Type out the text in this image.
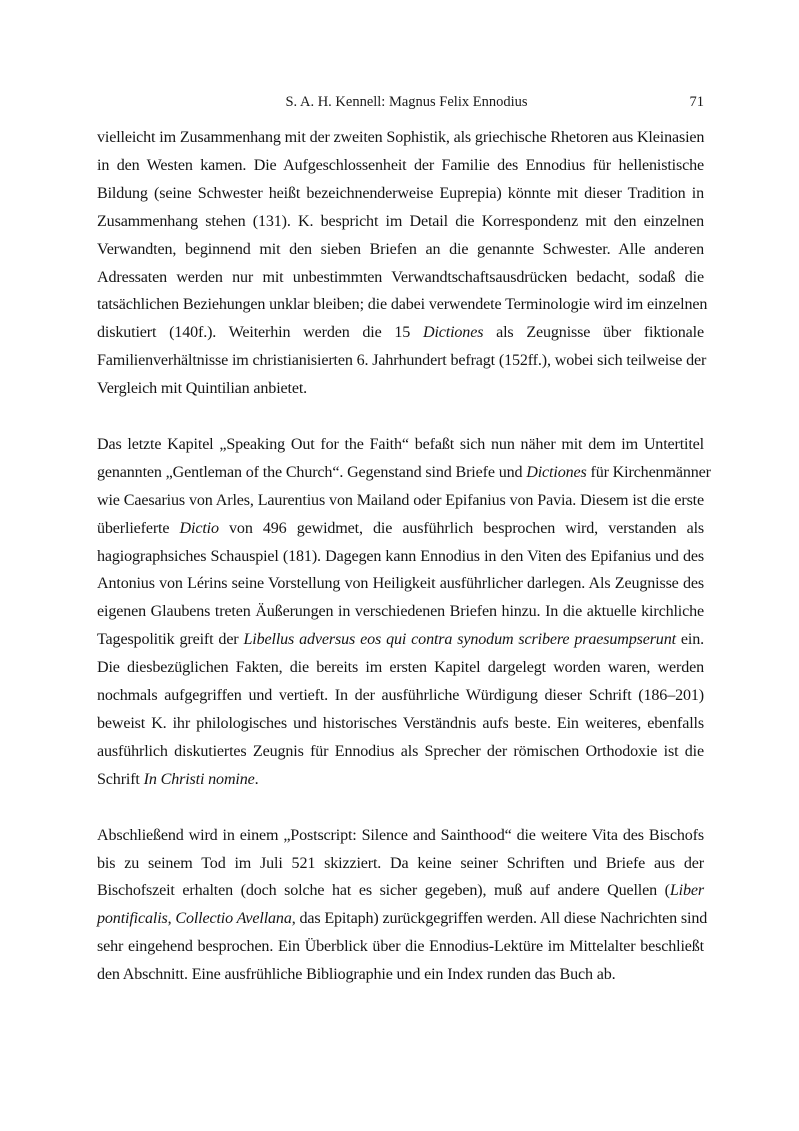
S. A. H. Kennell: Magnus Felix Ennodius	71
vielleicht im Zusammenhang mit der zweiten Sophistik, als griechische Rhetoren aus Kleinasien
in den Westen kamen. Die Aufgeschlossenheit der Familie des Ennodius für hellenistische
Bildung (seine Schwester heißt bezeichnenderweise Euprepia) könnte mit dieser Tradition in
Zusammenhang stehen (131). K. bespricht im Detail die Korrespondenz mit den einzelnen
Verwandten, beginnend mit den sieben Briefen an die genannte Schwester. Alle anderen
Adressaten werden nur mit unbestimmten Verwandtschaftsausdrücken bedacht, sodaß die
tatsächlichen Beziehungen unklar bleiben; die dabei verwendete Terminologie wird im einzelnen
diskutiert (140f.). Weiterhin werden die 15 Dictiones als Zeugnisse über fiktionale
Familienverhältnisse im christianisierten 6. Jahrhundert befragt (152ff.), wobei sich teilweise der
Vergleich mit Quintilian anbietet.
Das letzte Kapitel „Speaking Out for the Faith“ befaßt sich nun näher mit dem im Untertitel
genannten „Gentleman of the Church“. Gegenstand sind Briefe und Dictiones für Kirchenmänner
wie Caesarius von Arles, Laurentius von Mailand oder Epifanius von Pavia. Diesem ist die erste
überlieferte Dictio von 496 gewidmet, die ausführlich besprochen wird, verstanden als
hagiographsiches Schauspiel (181). Dagegen kann Ennodius in den Viten des Epifanius und des
Antonius von Lérins seine Vorstellung von Heiligkeit ausführlicher darlegen. Als Zeugnisse des
eigenen Glaubens treten Äußerungen in verschiedenen Briefen hinzu. In die aktuelle kirchliche
Tagespolitik greift der Libellus adversus eos qui contra synodum scribere praesumpserunt ein.
Die diesbezüglichen Fakten, die bereits im ersten Kapitel dargelegt worden waren, werden
nochmals aufgegriffen und vertieft. In der ausführliche Würdigung dieser Schrift (186–201)
beweist K. ihr philologisches und historisches Verständnis aufs beste. Ein weiteres, ebenfalls
ausführlich diskutiertes Zeugnis für Ennodius als Sprecher der römischen Orthodoxie ist die
Schrift In Christi nomine.
Abschließend wird in einem „Postscript: Silence and Sainthood“ die weitere Vita des Bischofs
bis zu seinem Tod im Juli 521 skizziert. Da keine seiner Schriften und Briefe aus der
Bischofszeit erhalten (doch solche hat es sicher gegeben), muß auf andere Quellen (Liber
pontificalis, Collectio Avellana, das Epitaph) zurückgegriffen werden. All diese Nachrichten sind
sehr eingehend besprochen. Ein Überblick über die Ennodius-Lektüre im Mittelalter beschließt
den Abschnitt. Eine ausfrühliche Bibliographie und ein Index runden das Buch ab.
